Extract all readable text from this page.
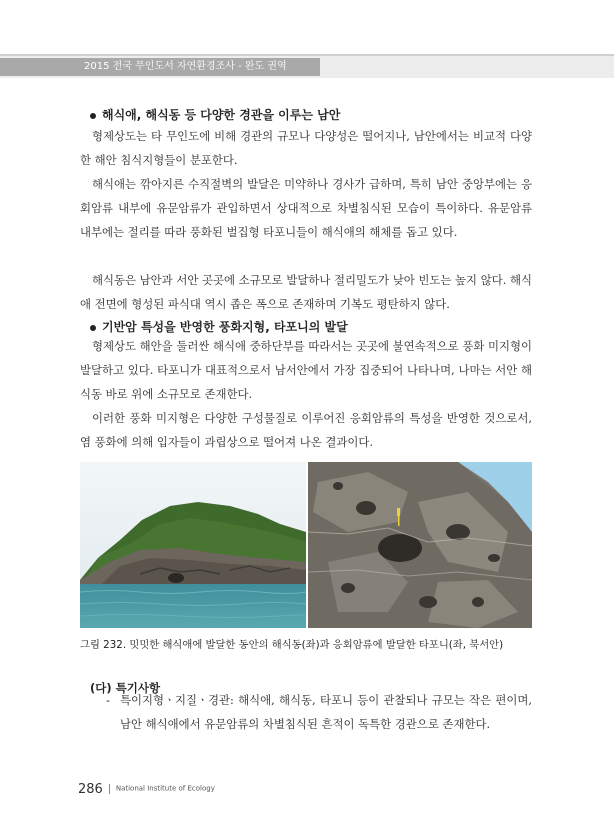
2015 전국 무인도서 자연환경조사 - 완도 권역
해식애, 해식동 등 다양한 경관을 이루는 남안

형제상도는 타 무인도에 비해 경관의 규모나 다양성은 떨어지나, 남안에서는 비교적 다양한 해안 침식지형들이 분포한다.

해식애는 깎아지른 수직절벽의 발달은 미약하나 경사가 급하며, 특히 남안 중앙부에는 응회암류 내부에 유문암류가 관입하면서 상대적으로 차별침식된 모습이 특이하다. 유문암류 내부에는 절리를 따라 풍화된 벌집형 타포니들이 해식애의 해체를 돕고 있다.

해식동은 남안과 서안 곳곳에 소규모로 발달하나 절리밀도가 낮아 빈도는 높지 않다. 해식애 전면에 형성된 파식대 역시 좁은 폭으로 존재하며 기복도 평탄하지 않다.

기반암 특성을 반영한 풍화지형, 타포니의 발달

형제상도 해안을 둘러싼 해식애 중하단부를 따라서는 곳곳에 불연속적으로 풍화 미지형이 발달하고 있다. 타포니가 대표적으로서 남서안에서 가장 집중되어 나타나며, 나마는 서안 해식동 바로 위에 소규모로 존재한다.

이러한 풍화 미지형은 다양한 구성물질로 이루어진 응회암류의 특성을 반영한 것으로서, 염 풍화에 의해 입자들이 과립상으로 떨어져 나온 결과이다.

그림 232. 밋밋한 해식애에 발달한 동안의 해식동(좌)과 응회암류에 발달한 타포니(좌, 북서안)
(다) 특기사항
- 특이지형ㆍ지질ㆍ경관: 해식애, 해식동, 타포니 등이 관찰되나 규모는 작은 편이며, 남안 해식애에서 유문암류의 차별침식된 흔적이 독특한 경관으로 존재한다.

286 National Institute of Ecology
